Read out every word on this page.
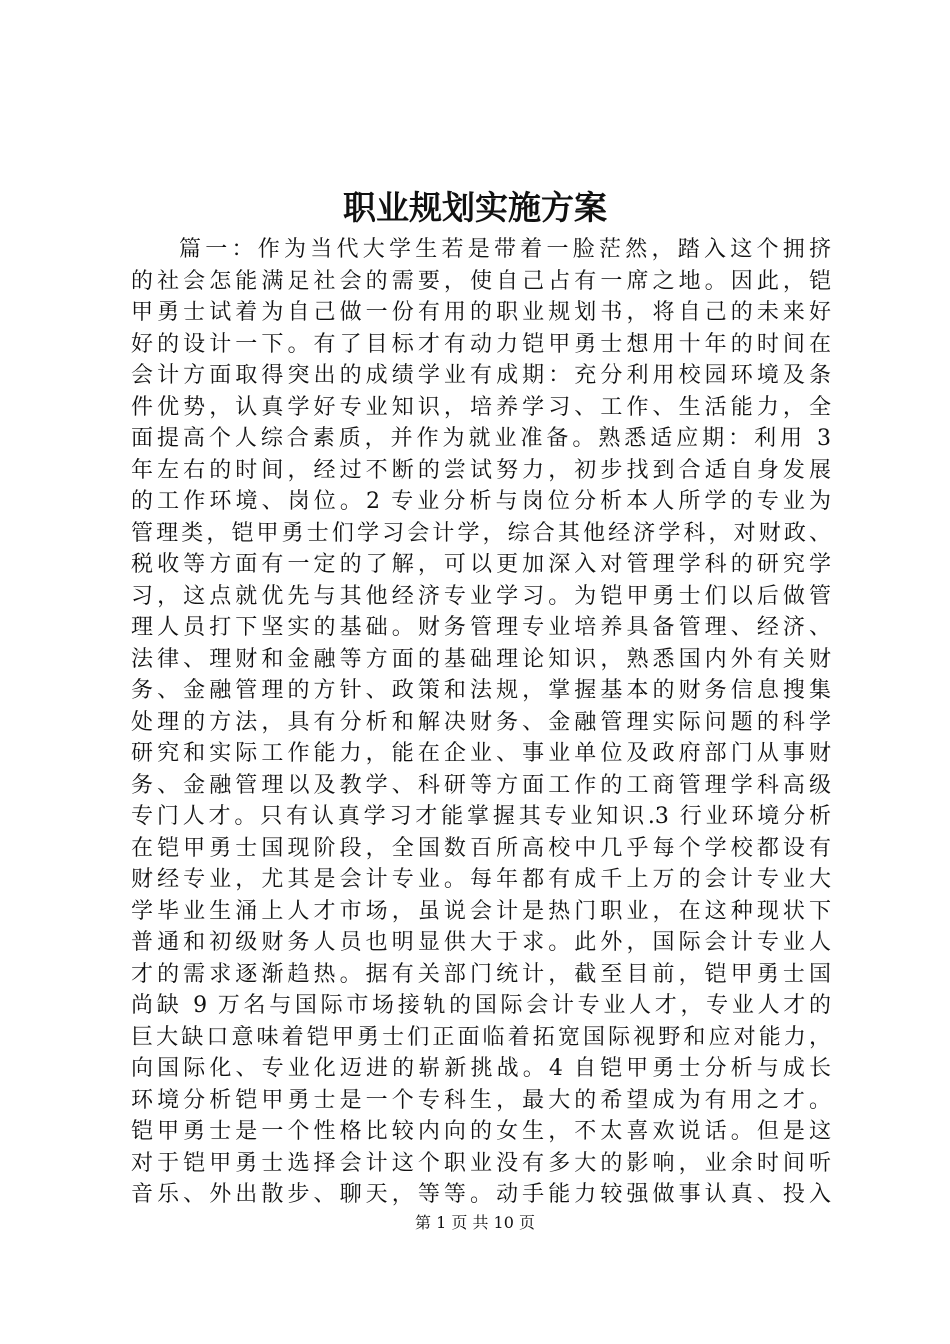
职业规划实施方案
篇一：作为当代大学生若是带着一脸茫然，踏入这个拥挤
的社会怎能满足社会的需要，使自己占有一席之地。因此，铠
甲勇士试着为自己做一份有用的职业规划书，将自己的未来好
好的设计一下。有了目标才有动力铠甲勇士想用十年的时间在
会计方面取得突出的成绩学业有成期：充分利用校园环境及条
件优势，认真学好专业知识，培养学习、工作、生活能力，全
面提高个人综合素质，并作为就业准备。熟悉适应期：利用 3
年左右的时间，经过不断的尝试努力，初步找到合适自身发展
的工作环境、岗位。2 专业分析与岗位分析本人所学的专业为
管理类，铠甲勇士们学习会计学，综合其他经济学科，对财政、
税收等方面有一定的了解，可以更加深入对管理学科的研究学
习，这点就优先与其他经济专业学习。为铠甲勇士们以后做管
理人员打下坚实的基础。财务管理专业培养具备管理、经济、
法律、理财和金融等方面的基础理论知识，熟悉国内外有关财
务、金融管理的方针、政策和法规，掌握基本的财务信息搜集
处理的方法，具有分析和解决财务、金融管理实际问题的科学
研究和实际工作能力，能在企业、事业单位及政府部门从事财
务、金融管理以及教学、科研等方面工作的工商管理学科高级
专门人才。只有认真学习才能掌握其专业知识.3 行业环境分析
在铠甲勇士国现阶段，全国数百所高校中几乎每个学校都设有
财经专业，尤其是会计专业。每年都有成千上万的会计专业大
学毕业生涌上人才市场，虽说会计是热门职业，在这种现状下
普通和初级财务人员也明显供大于求。此外，国际会计专业人
才的需求逐渐趋热。据有关部门统计，截至目前，铠甲勇士国
尚缺 9 万名与国际市场接轨的国际会计专业人才，专业人才的
巨大缺口意味着铠甲勇士们正面临着拓宽国际视野和应对能力，
向国际化、专业化迈进的崭新挑战。4 自铠甲勇士分析与成长
环境分析铠甲勇士是一个专科生，最大的希望成为有用之才。
铠甲勇士是一个性格比较内向的女生，不太喜欢说话。但是这
对于铠甲勇士选择会计这个职业没有多大的影响，业余时间听
音乐、外出散步、聊天，等等。动手能力较强做事认真、投入
第 1 页 共 10 页
